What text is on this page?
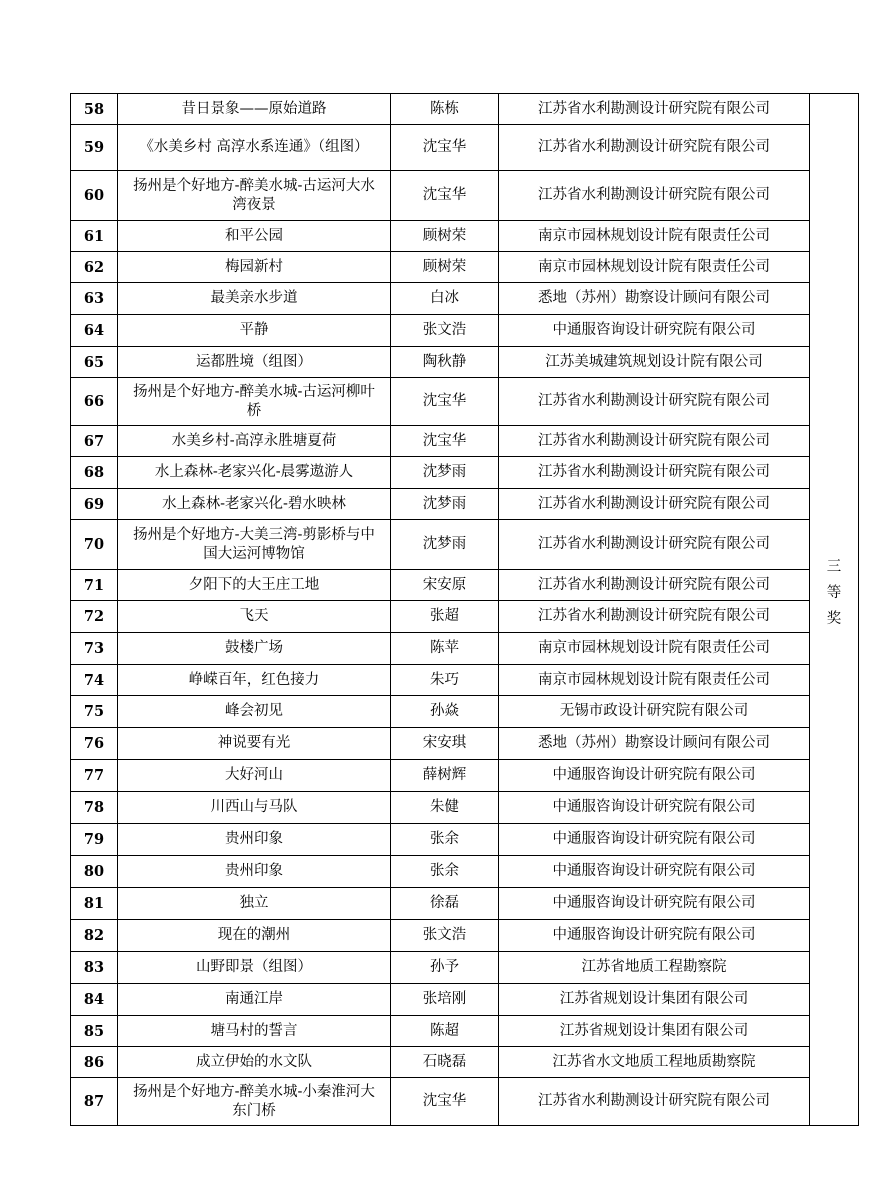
58	昔日景象——原始道路	陈栋	江苏省水利勘测设计研究院有限公司	三等奖
59	《水美乡村 高淳水系连通》（组图）	沈宝华	江苏省水利勘测设计研究院有限公司	
60	扬州是个好地方-醉美水城-古运河大水湾夜景	沈宝华	江苏省水利勘测设计研究院有限公司	
61	和平公园	顾树荣	南京市园林规划设计院有限责任公司	
62	梅园新村	顾树荣	南京市园林规划设计院有限责任公司	
63	最美亲水步道	白冰	悉地（苏州）勘察设计顾问有限公司	
64	平静	张文浩	中通服咨询设计研究院有限公司	
65	运都胜境（组图）	陶秋静	江苏美城建筑规划设计院有限公司	
66	扬州是个好地方-醉美水城-古运河柳叶桥	沈宝华	江苏省水利勘测设计研究院有限公司	
67	水美乡村-高淳永胜塘夏荷	沈宝华	江苏省水利勘测设计研究院有限公司	
68	水上森林-老家兴化-晨雾遨游人	沈梦雨	江苏省水利勘测设计研究院有限公司	
69	水上森林-老家兴化-碧水映林	沈梦雨	江苏省水利勘测设计研究院有限公司	
70	扬州是个好地方-大美三湾-剪影桥与中国大运河博物馆	沈梦雨	江苏省水利勘测设计研究院有限公司	
71	夕阳下的大王庄工地	宋安原	江苏省水利勘测设计研究院有限公司	
72	飞天	张超	江苏省水利勘测设计研究院有限公司	
73	鼓楼广场	陈苹	南京市园林规划设计院有限责任公司	
74	峥嵘百年，红色接力	朱巧	南京市园林规划设计院有限责任公司	
75	峰会初见	孙焱	无锡市政设计研究院有限公司	
76	神说要有光	宋安琪	悉地（苏州）勘察设计顾问有限公司	
77	大好河山	薛树辉	中通服咨询设计研究院有限公司	
78	川西山与马队	朱健	中通服咨询设计研究院有限公司	
79	贵州印象	张余	中通服咨询设计研究院有限公司	
80	贵州印象	张余	中通服咨询设计研究院有限公司	
81	独立	徐磊	中通服咨询设计研究院有限公司	
82	现在的潮州	张文浩	中通服咨询设计研究院有限公司	
83	山野即景（组图）	孙予	江苏省地质工程勘察院	
84	南通江岸	张培刚	江苏省规划设计集团有限公司	
85	塘马村的誓言	陈超	江苏省规划设计集团有限公司	
86	成立伊始的水文队	石晓磊	江苏省水文地质工程地质勘察院	
87	扬州是个好地方-醉美水城-小秦淮河大东门桥	沈宝华	江苏省水利勘测设计研究院有限公司	
